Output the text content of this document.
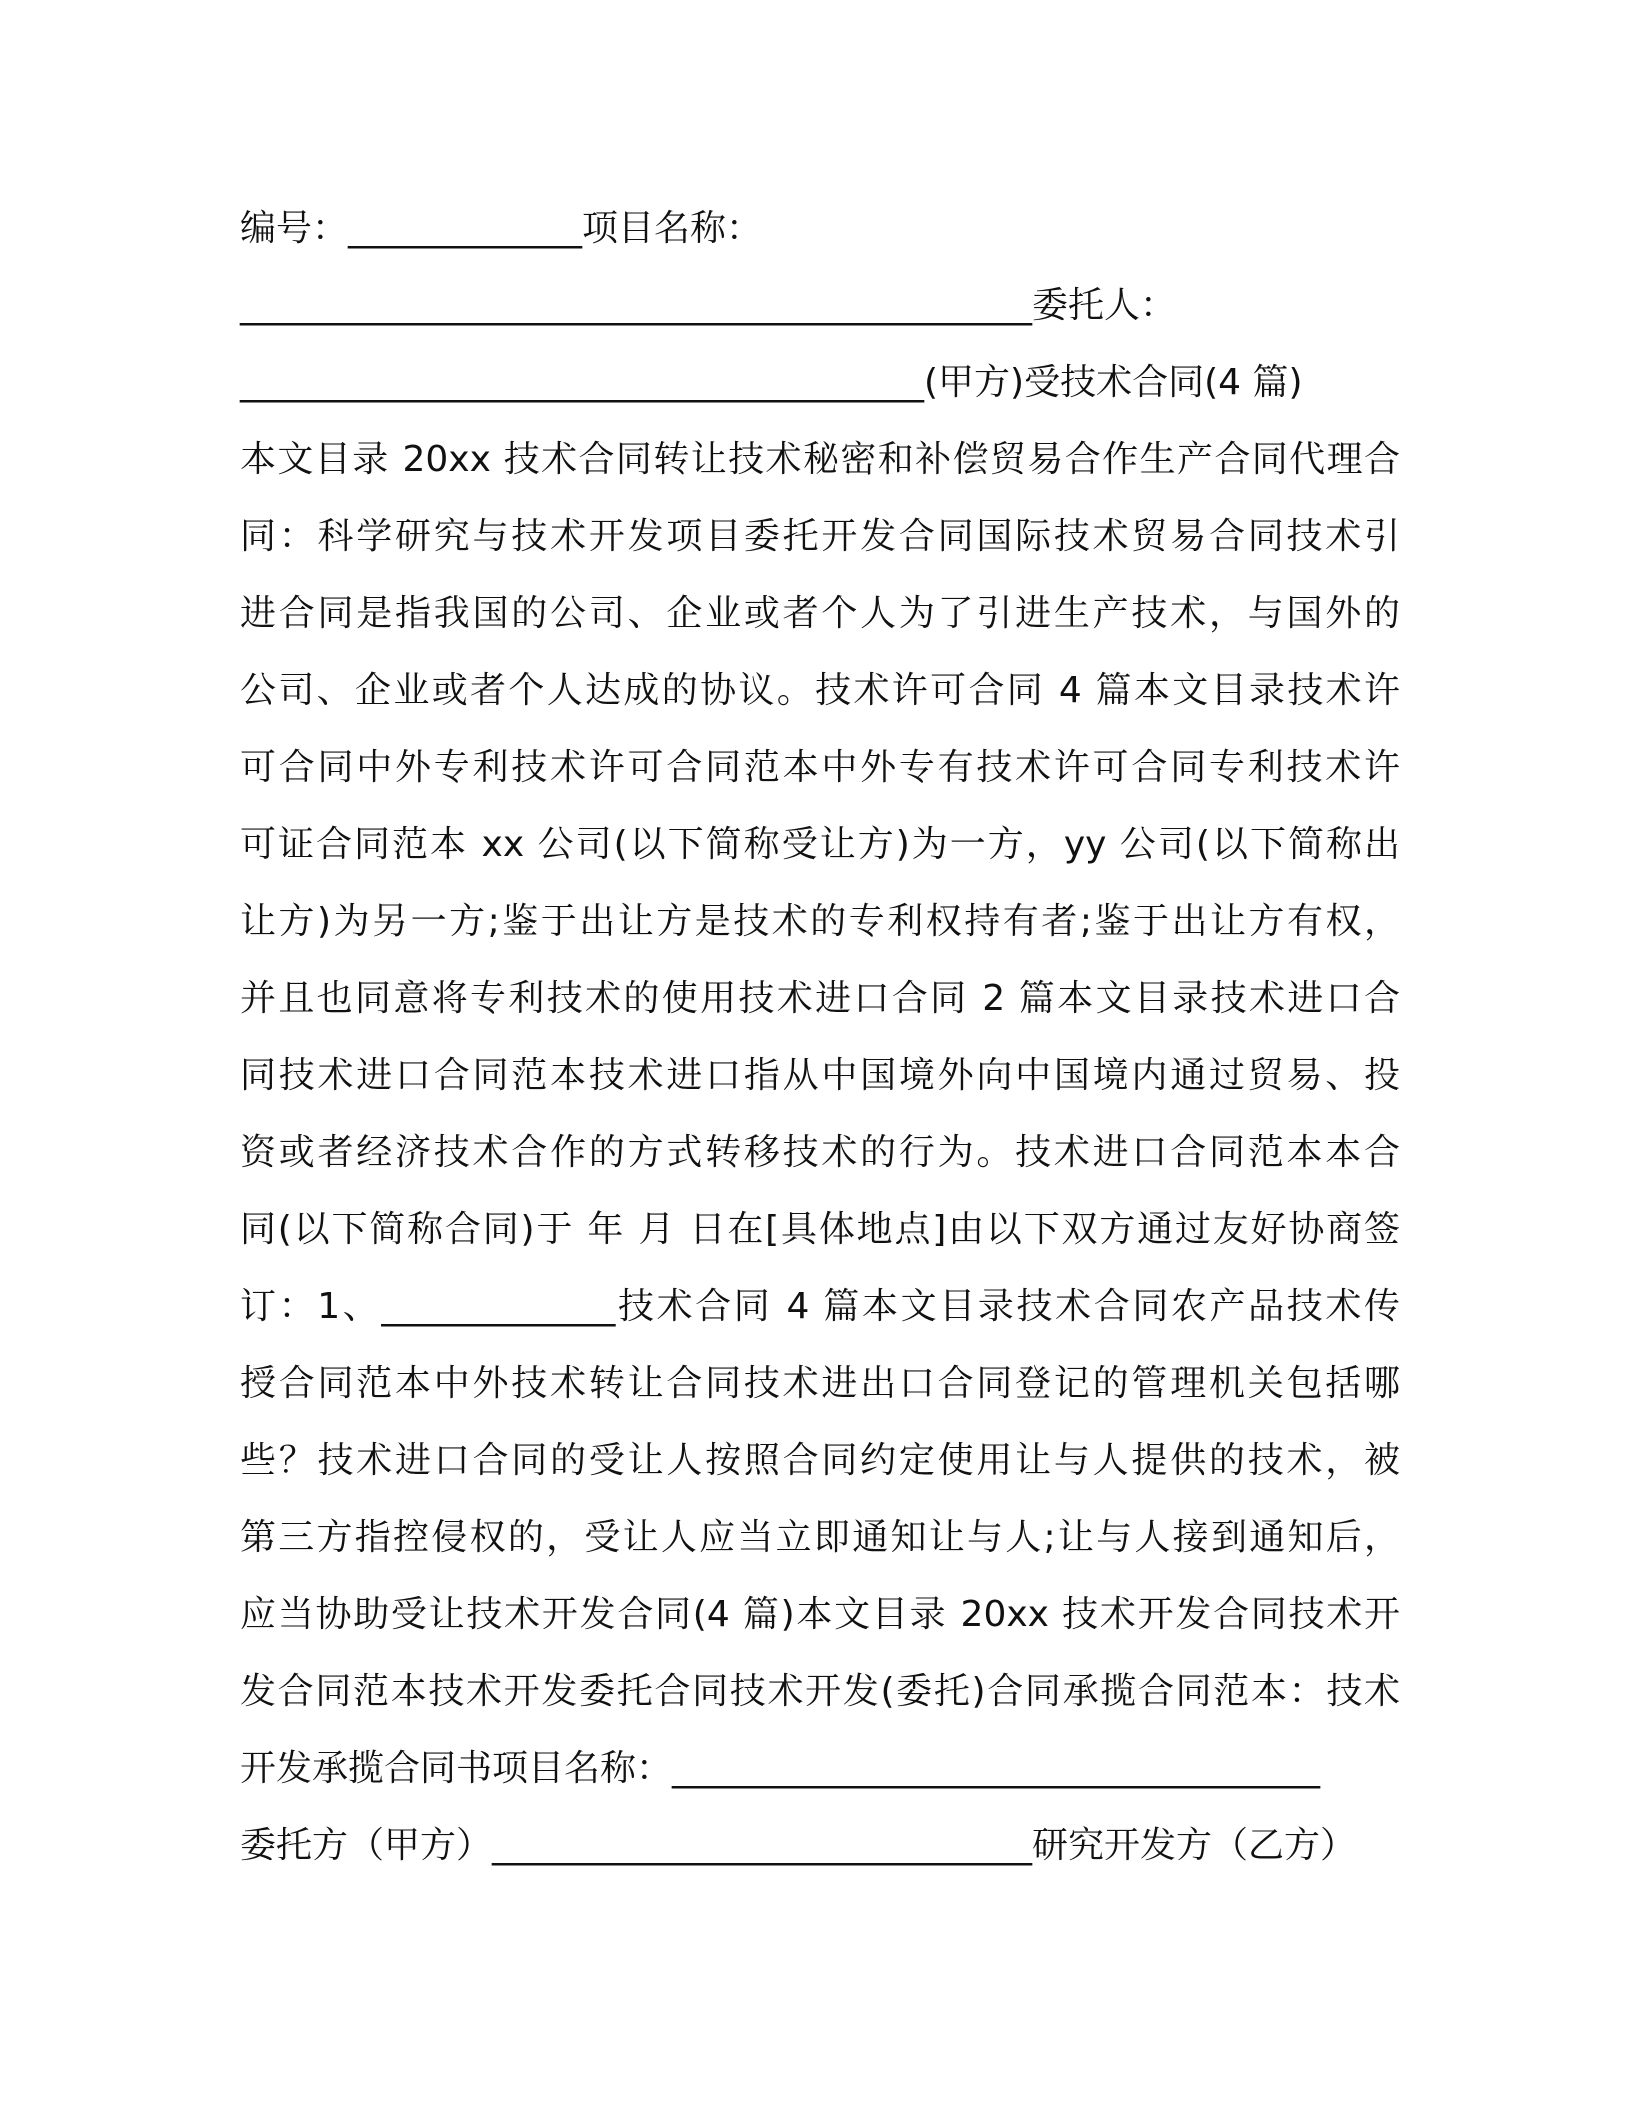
编号：_____________项目名称：
____________________________________________委托人：
______________________________________(甲方)受技术合同(4 篇)
本文目录 20xx 技术合同转让技术秘密和补偿贸易合作生产合同代理合
同：科学研究与技术开发项目委托开发合同国际技术贸易合同技术引
进合同是指我国的公司、企业或者个人为了引进生产技术，与国外的
公司、企业或者个人达成的协议。技术许可合同 4 篇本文目录技术许
可合同中外专利技术许可合同范本中外专有技术许可合同专利技术许
可证合同范本 xx 公司(以下简称受让方)为一方，yy 公司(以下简称出
让方)为另一方;鉴于出让方是技术的专利权持有者;鉴于出让方有权，
并且也同意将专利技术的使用技术进口合同 2 篇本文目录技术进口合
同技术进口合同范本技术进口指从中国境外向中国境内通过贸易、投
资或者经济技术合作的方式转移技术的行为。技术进口合同范本本合
同(以下简称合同)于 年 月 日在[具体地点]由以下双方通过友好协商签
订：1、_____________技术合同 4 篇本文目录技术合同农产品技术传
授合同范本中外技术转让合同技术进出口合同登记的管理机关包括哪
些？技术进口合同的受让人按照合同约定使用让与人提供的技术，被
第三方指控侵权的，受让人应当立即通知让与人;让与人接到通知后，
应当协助受让技术开发合同(4 篇)本文目录 20xx 技术开发合同技术开
发合同范本技术开发委托合同技术开发(委托)合同承揽合同范本：技术
开发承揽合同书项目名称：____________________________________
委托方（甲方）______________________________研究开发方（乙方）
